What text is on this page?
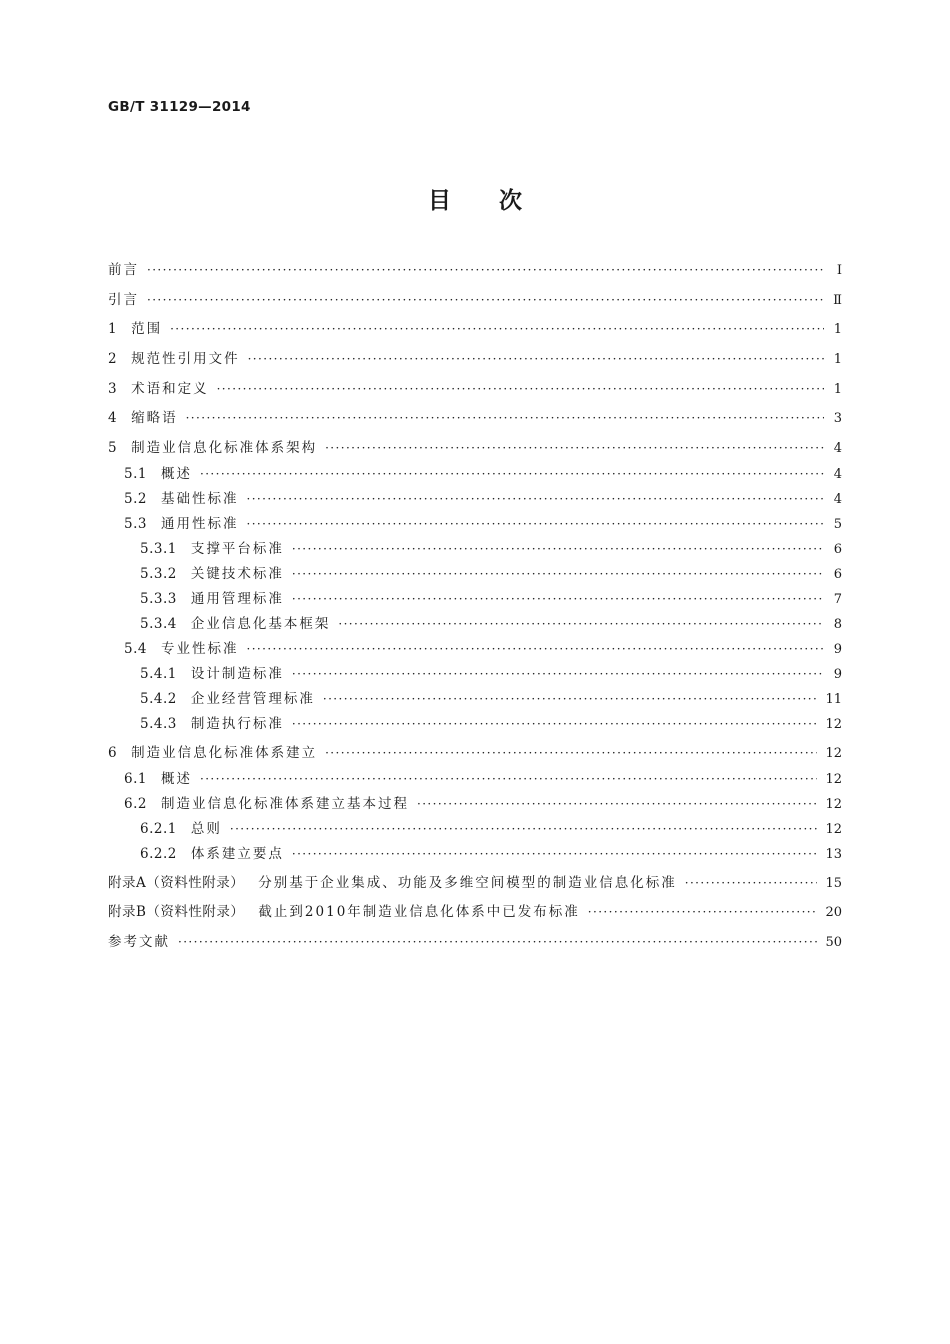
GB/T 31129—2014
目次
前言 ·····	Ⅰ
引言 ·····	Ⅱ
1 范围 ·····	1
2 规范性引用文件 ·····	1
3 术语和定义 ·····	1
4 缩略语 ·····	3
5 制造业信息化标准体系架构 ·····	4
5.1 概述 ·····	4
5.2 基础性标准 ·····	4
5.3 通用性标准 ·····	5
5.3.1 支撑平台标准 ·····	6
5.3.2 关键技术标准 ·····	6
5.3.3 通用管理标准 ·····	7
5.3.4 企业信息化基本框架 ·····	8
5.4 专业性标准 ·····	9
5.4.1 设计制造标准 ·····	9
5.4.2 企业经营管理标准 ·····	11
5.4.3 制造执行标准 ·····	12
6 制造业信息化标准体系建立 ·····	12
6.1 概述 ·····	12
6.2 制造业信息化标准体系建立基本过程 ·····	12
6.2.1 总则 ·····	12
6.2.2 体系建立要点 ·····	13
附录A（资料性附录） 分别基于企业集成、功能及多维空间模型的制造业信息化标准 ·····	15
附录B（资料性附录） 截止到2010年制造业信息化体系中已发布标准 ·····	20
参考文献 ·····	50
